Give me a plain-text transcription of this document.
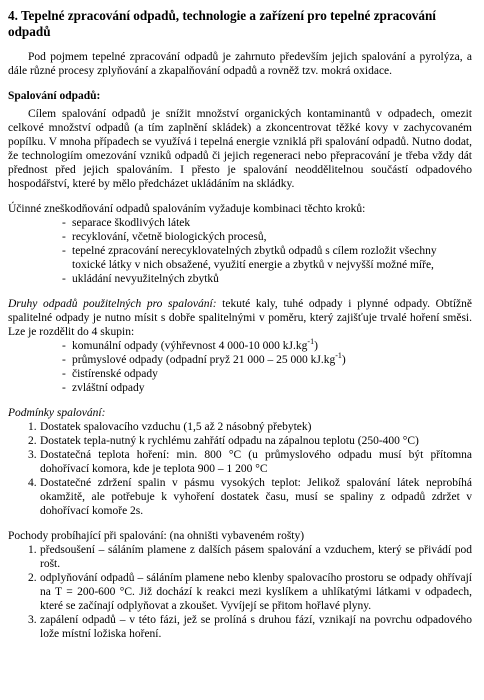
4. Tepelné zpracování odpadů, technologie a zařízení pro tepelné zpracování odpadů

Pod pojmem tepelné zpracování odpadů je zahrnuto především jejich spalování a pyrolýza, a dále různé procesy zplyňování a zkapalňování odpadů a rovněž tzv. mokrá oxidace.

Spalování odpadů:

Cílem spalování odpadů je snížit množství organických kontaminantů v odpadech, omezit celkové množství odpadů (a tím zaplnění skládek) a zkoncentrovat těžké kovy v zachycovaném popílku. V mnoha případech se využívá i tepelná energie vzniklá při spalování odpadů. Nutno dodat, že technologiím omezování vzniků odpadů či jejich regeneraci nebo přepracování je třeba vždy dát přednost před jejich spalováním. I přesto je spalování neoddělitelnou součástí odpadového hospodářství, které by mělo předcházet ukládáním na skládky.

Účinné zneškodňování odpadů spalováním vyžaduje kombinaci těchto kroků:

- separace škodlivých látek
- recyklování, včetně biologických procesů,
- tepelné zpracování nerecyklovatelných zbytků odpadů s cílem rozložit všechny toxické látky v nich obsažené, využití energie a zbytků v nejvyšší možné míře,
- ukládání nevyužitelných zbytků

Druhy odpadů použitelných pro spalování: tekuté kaly, tuhé odpady i plynné odpady. Obtížně spalitelné odpady je nutno mísit s dobře spalitelnými v poměru, který zajišťuje trvalé hoření směsi. Lze je rozdělit do 4 skupin:

- komunální odpady (výhřevnost 4 000-10 000 $kJ.kg^{-1}$)
- průmyslové odpady (odpadní pryž 21 000 – 25 000 $kJ.kg^{-1}$)
- čistírenské odpady
- zvláštní odpady

Podmínky spalování:

1. Dostatek spalovacího vzduchu (1,5 až 2 násobný přebytek)
2. Dostatek tepla-nutný k rychlému zahřátí odpadu na zápalnou teplotu (250-400 °C)
3. Dostatečná teplota hoření: min. 800 °C (u průmyslového odpadu musí být přítomna dohořívací komora, kde je teplota 900 – 1 200 °C
4. Dostatečné zdržení spalin v pásmu vysokých teplot: Jelikož spalování látek neprobíhá okamžitě, ale potřebuje k vyhoření dostatek času, musí se spaliny z odpadů zdržet v dohořívací komoře 2s.

Pochody probíhající při spalování: (na ohništi vybaveném rošty)

1. předsoušení – sáláním plamene z dalších pásem spalování a vzduchem, který se přivádí pod rošt.
2. odplyňování odpadů – sáláním plamene nebo klenby spalovacího prostoru se odpady ohřívají na T = 200-600 °C. Již dochází k reakci mezi kyslíkem a uhlíkatými látkami v odpadech, které se začínají odplyňovat a zkoušet. Vyvíjejí se přitom hořlavé plyny.
3. zapálení odpadů – v této fázi, jež se prolíná s druhou fází, vznikají na povrchu odpadového lože místní ložiska hoření.
